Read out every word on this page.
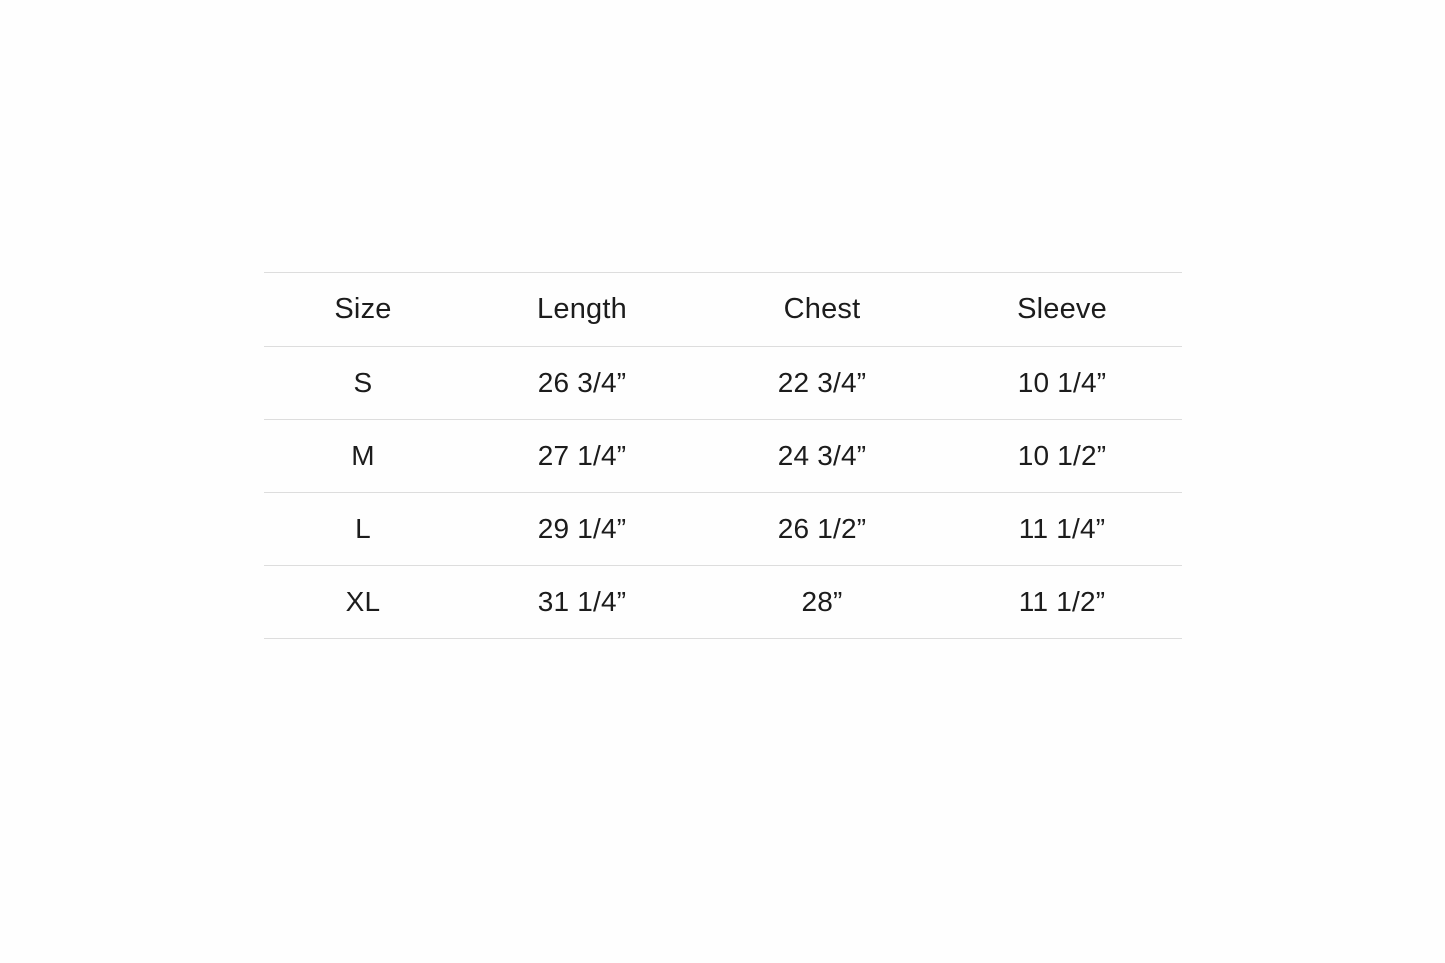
Size	Length	Chest	Sleeve

S	26 3/4”	22 3/4”	10 1/4”

M	27 1/4”	24 3/4”	10 1/2”

L	29 1/4”	26 1/2”	11 1/4”

XL	31 1/4”	28”	11 1/2”
